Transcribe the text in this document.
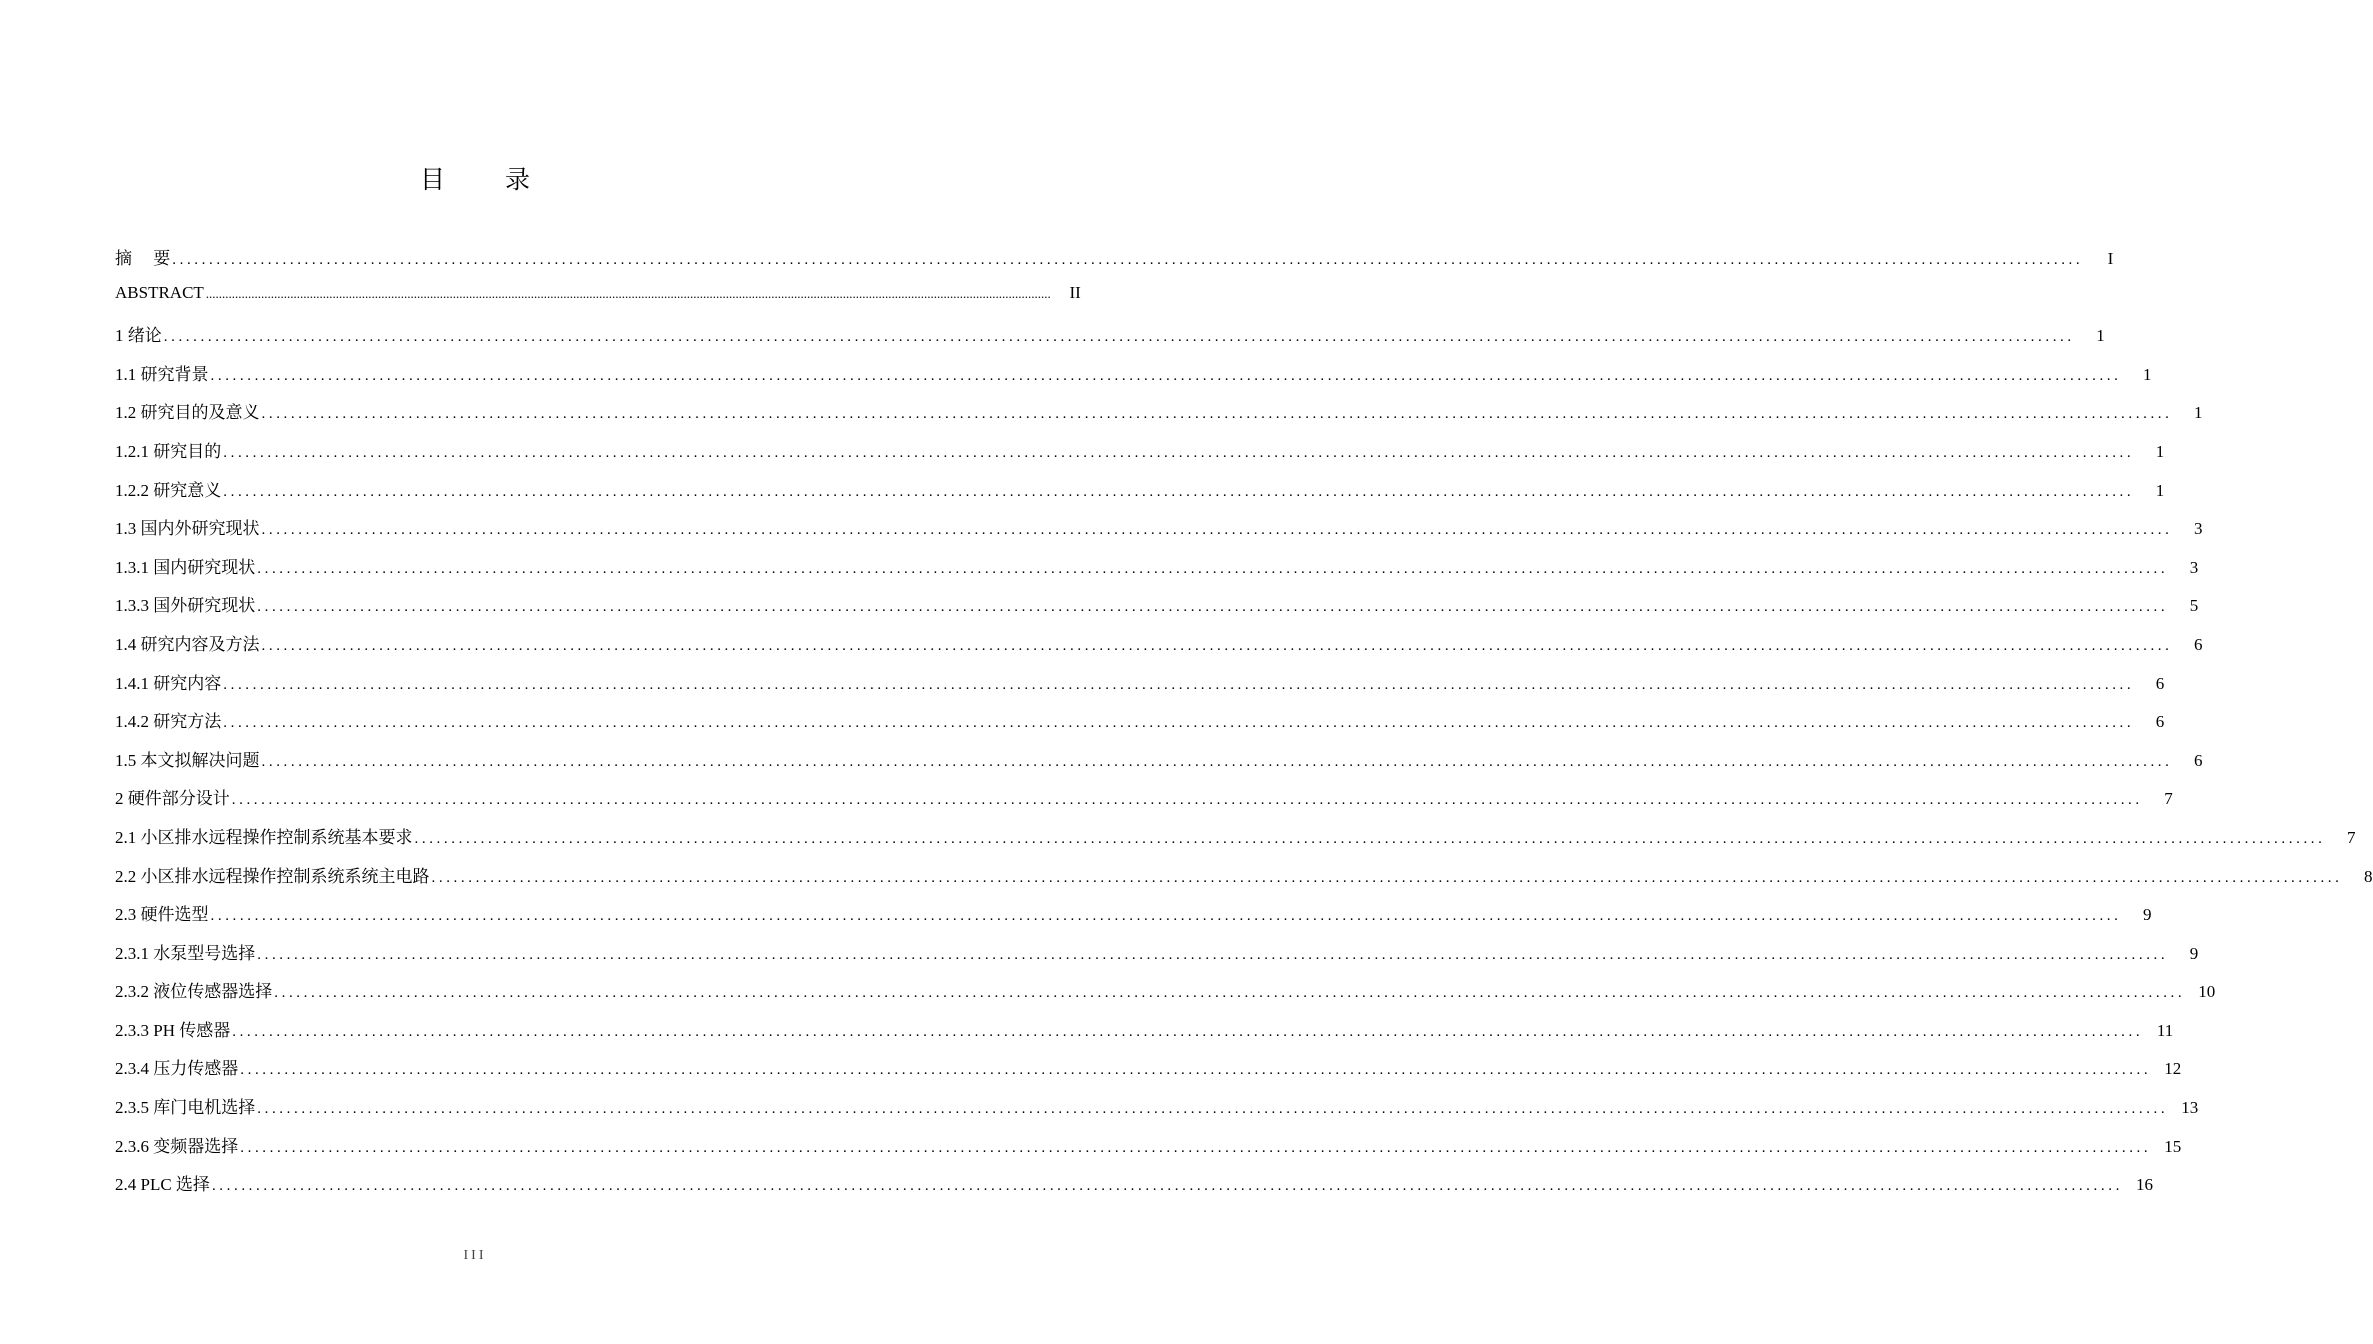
目 录
摘　 要 ....................................................................................................................................................................................................................................................................	I
ABSTRACT ....................................................................................................................................................................................................................................................................	II
1 绪论 ....................................................................................................................................................................................................................................................................	1
1.1 研究背景 ....................................................................................................................................................................................................................................................................	1
1.2 研究目的及意义 ....................................................................................................................................................................................................................................................................	1
1.2.1 研究目的 ....................................................................................................................................................................................................................................................................	1
1.2.2 研究意义 ....................................................................................................................................................................................................................................................................	1
1.3 国内外研究现状 ....................................................................................................................................................................................................................................................................	3
1.3.1 国内研究现状 ....................................................................................................................................................................................................................................................................	3
1.3.3 国外研究现状 ....................................................................................................................................................................................................................................................................	5
1.4 研究内容及方法 ....................................................................................................................................................................................................................................................................	6
1.4.1 研究内容 ....................................................................................................................................................................................................................................................................	6
1.4.2 研究方法 ....................................................................................................................................................................................................................................................................	6
1.5 本文拟解决问题 ....................................................................................................................................................................................................................................................................	6
2 硬件部分设计 ....................................................................................................................................................................................................................................................................	7
2.1 小区排水远程操作控制系统基本要求 ....................................................................................................................................................................................................................................................................	7
2.2 小区排水远程操作控制系统系统主电路 ....................................................................................................................................................................................................................................................................	8
2.3 硬件选型 ....................................................................................................................................................................................................................................................................	9
2.3.1 水泵型号选择 ....................................................................................................................................................................................................................................................................	9
2.3.2 液位传感器选择 .................................................................................................................................................................................................................................................................... 10
2.3.3 PH 传感器 .................................................................................................................................................................................................................................................................... 11
2.3.4 压力传感器 .................................................................................................................................................................................................................................................................... 12
2.3.5 库门电机选择 .................................................................................................................................................................................................................................................................... 13
2.3.6 变频器选择 .................................................................................................................................................................................................................................................................... 15
2.4 PLC 选择 .................................................................................................................................................................................................................................................................... 16
III
